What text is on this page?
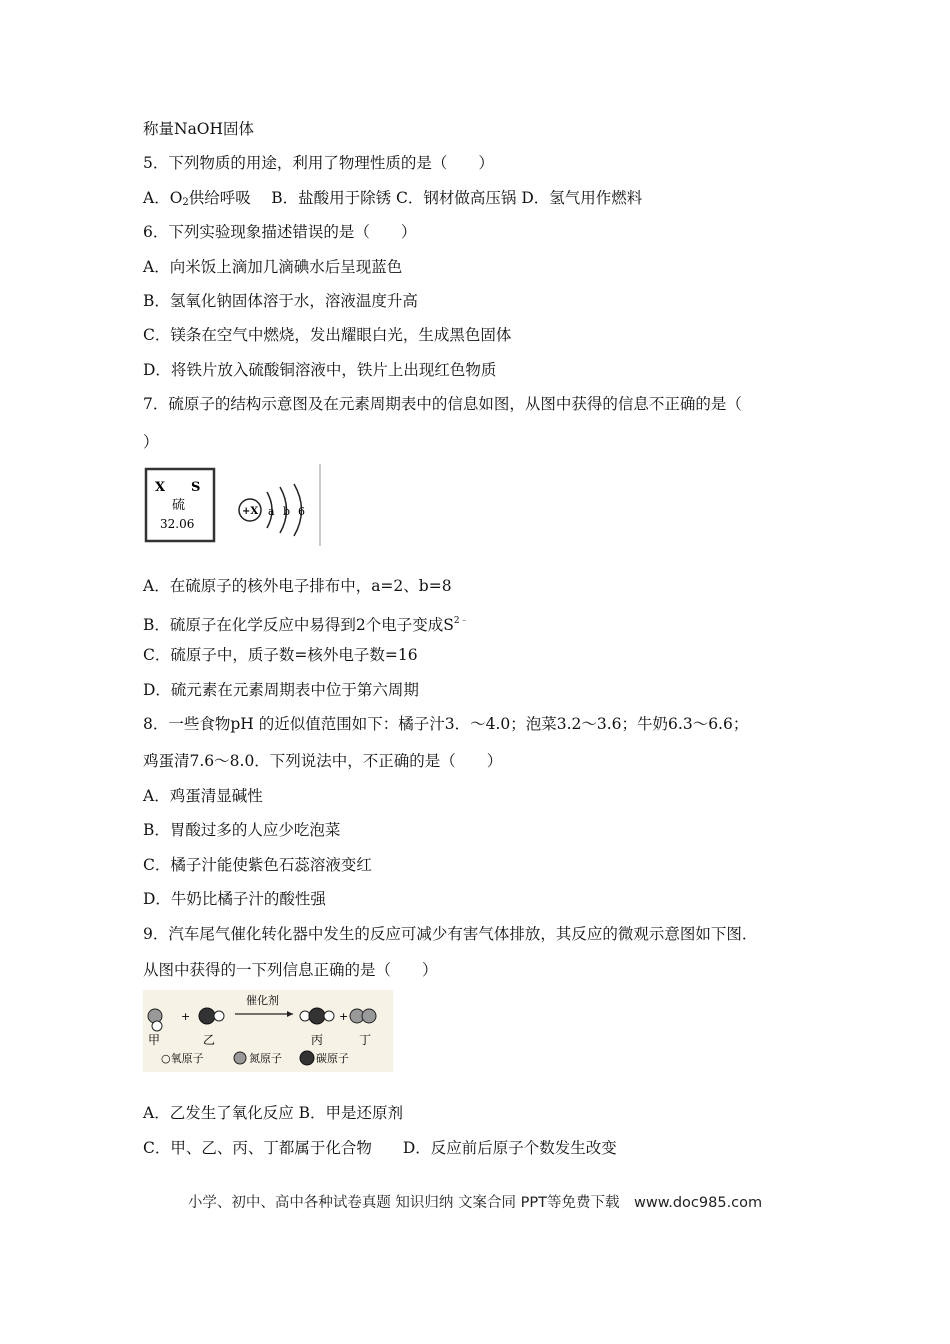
称量NaOH固体
5．下列物质的用途，利用了物理性质的是（　　）
A．$O_2$供给呼吸　 B．盐酸用于除锈 C．钢材做高压锅 D．氢气用作燃料
6．下列实验现象描述错误的是（　　）
A．向米饭上滴加几滴碘水后呈现蓝色
B．氢氧化钠固体溶于水，溶液温度升高
C．镁条在空气中燃烧，发出耀眼白光，生成黑色固体
D．将铁片放入硫酸铜溶液中，铁片上出现红色物质
7．硫原子的结构示意图及在元素周期表中的信息如图，从图中获得的信息不正确的是（
）
X S
硫
32.06
+X a b 6
A．在硫原子的核外电子排布中，a=2、b=8
B．硫原子在化学反应中易得到2个电子变成$S^{2﹣}$
C．硫原子中，质子数=核外电子数=16
D．硫元素在元素周期表中位于第六周期
8．一些食物pH 的近似值范围如下：橘子汁3．～4.0；泡菜3.2～3.6；牛奶6.3～6.6；
鸡蛋清7.6～8.0．下列说法中，不正确的是（　　）
A．鸡蛋清显碱性
B．胃酸过多的人应少吃泡菜
C．橘子汁能使紫色石蕊溶液变红
D．牛奶比橘子汁的酸性强
9．汽车尾气催化转化器中发生的反应可减少有害气体排放，其反应的微观示意图如下图．
从图中获得的一下列信息正确的是（　　）
+
催化剂
+
甲	乙	丙	丁
○氧原子	氮原子	碳原子
A．乙发生了氧化反应 B．甲是还原剂
C．甲、乙、丙、丁都属于化合物　　D．反应前后原子个数发生改变
小学、初中、高中各种试卷真题 知识归纳 文案合同 PPT等免费下载　www.doc985.com
